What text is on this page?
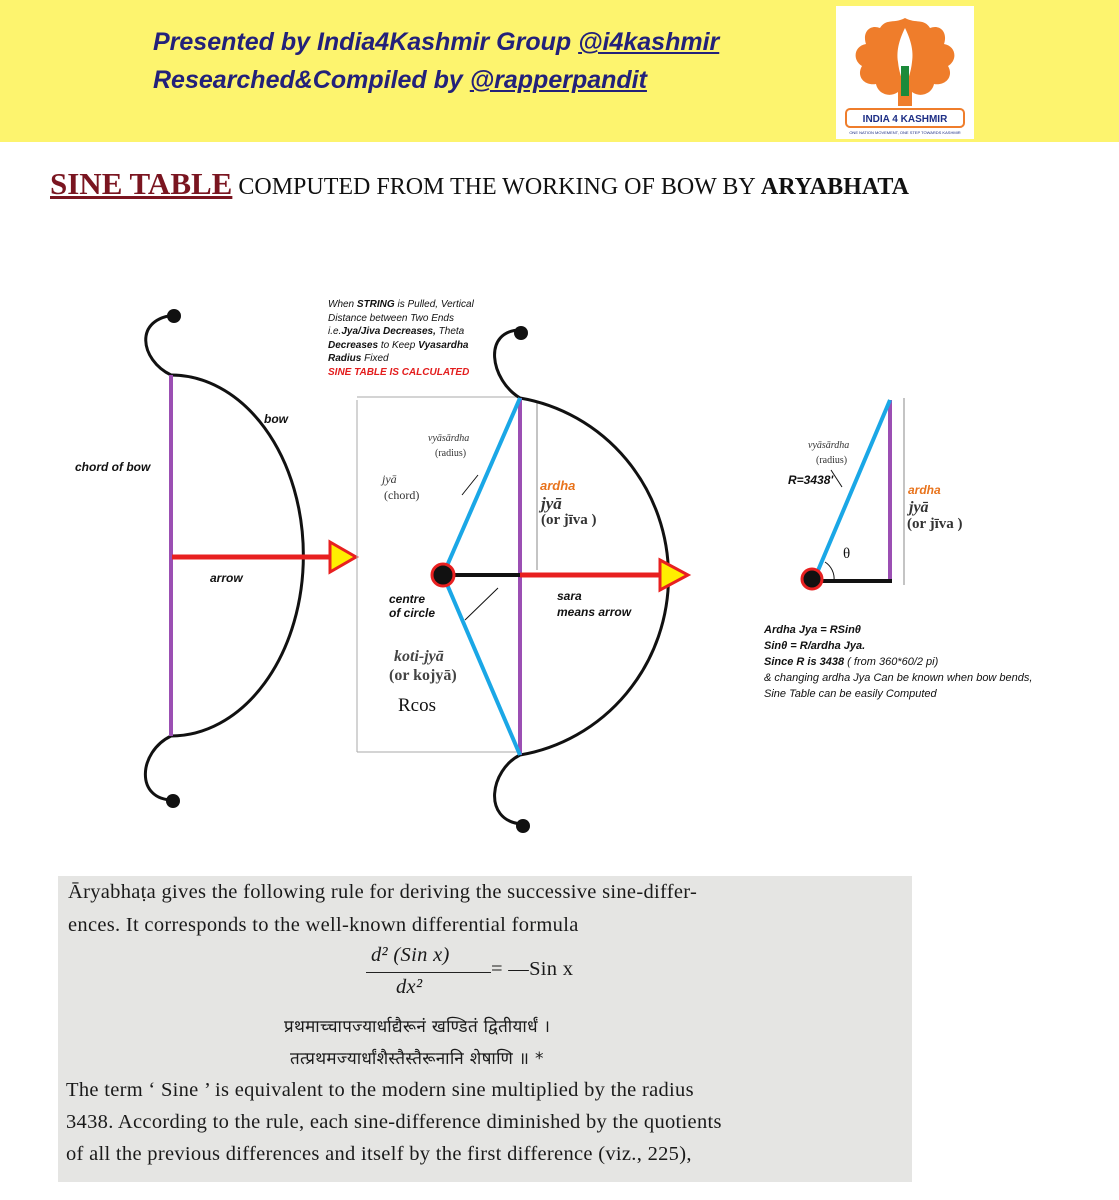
Presented by India4Kashmir Group @i4kashmir
Researched&Compiled by @rapperpandit
INDIA 4 KASHMIR
ONE NATION MOVEMENT, ONE STEP TOWARDS KASHMIR
SINE TABLE COMPUTED FROM THE WORKING OF BOW BY ARYABHATA
bow
chord of bow
arrow
When STRING is Pulled, Vertical Distance between Two Ends i.e.Jya/Jiva Decreases, Theta Decreases to Keep Vyasardha Radius Fixed
SINE TABLE IS CALCULATED
jyā
(chord)
vyāsārdha
(radius)
ardha
jyā
(or jīva )
centre
of circle
sara
means arrow
koti-jyā
(or kojyā)
Rcos
vyāsārdha
(radius)
R=3438'
ardha
jyā
(or jīva )
θ
Ardha Jya = RSinθ
Sinθ = R/ardha Jya.
Since R is 3438 ( from 360*60/2 pi)
& changing ardha Jya Can be known when bow bends, Sine Table can be easily Computed
Āryabhaṭa gives the following rule for deriving the successive sine-differ-
ences. It corresponds to the well-known differential formula
d² (Sin x)
dx²
= —Sin x
प्रथमाच्चापज्यार्धाद्यैरूनं खण्डितं द्वितीयार्धं ।
तत्प्रथमज्यार्धांशैस्तैस्तैरूनानि शेषाणि ॥ *
The term ‘ Sine ’ is equivalent to the modern sine multiplied by the radius
3438. According to the rule, each sine-difference diminished by the quotients
of all the previous differences and itself by the first difference (viz., 225),
